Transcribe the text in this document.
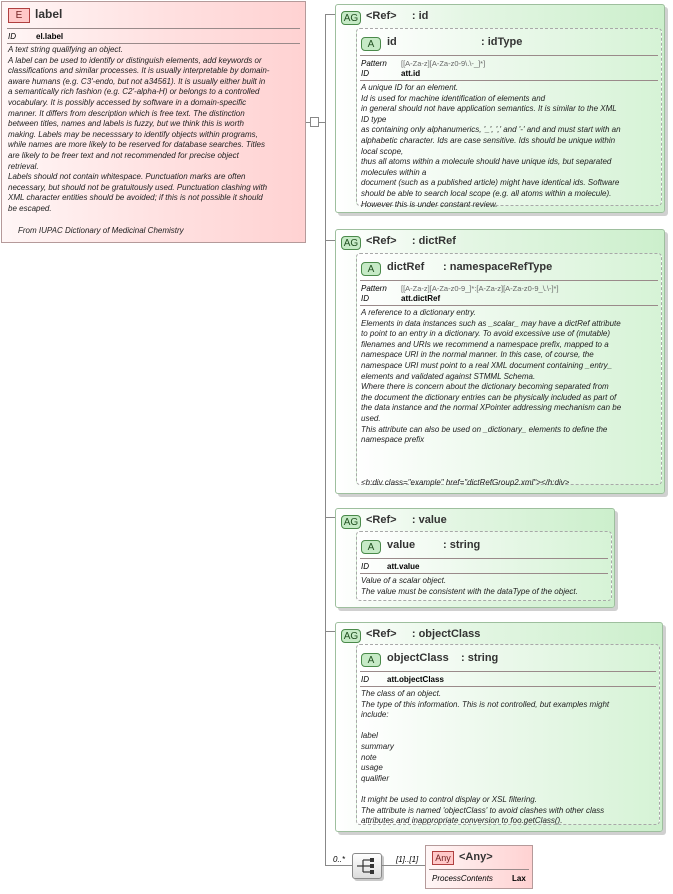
E	label
ID	el.label
A text string qualifying an object.
A label can be used to identify or distinguish elements, add keywords or
classifications and similar processes. It is usually interpretable by domain-
aware humans (e.g. C3'-endo, but not a34561). It is usually either built in
a semantically rich fashion (e.g. C2'-alpha-H) or belongs to a controlled
vocabulary. It is possibly accessed by software in a domain-specific
manner. It differs from description which is free text. The distinction
between titles, names and labels is fuzzy, but we think this is worth
making. Labels may be necesssary to identify objects within programs,
while names are more likely to be reserved for database searches. Titles
are likely to be freer text and not recommended for precise object
retrieval.
Labels should not contain whitespace. Punctuation marks are often
necessary, but should not be gratuitously used. Punctuation clashing with
XML character entities should be avoided; if this is not possible it should
be escaped.
From IUPAC Dictionary of Medicinal Chemistry
AG <Ref> : id
A	id	: idType
Pattern [[A-Za-z][A-Za-z0-9\.\-_]*]
ID	att.id
A unique ID for an element.
Id is used for machine identification of elements and
in general should not have application semantics. It is similar to the XML
ID type
as containing only alphanumerics, '_', ',' and '-' and and must start with an
alphabetic character. Ids are case sensitive. Ids should be unique within
local scope,
thus all atoms within a molecule should have unique ids, but separated
molecules within a
document (such as a published article) might have identical ids. Software
should be able to search local scope (e.g. all atoms within a molecule).
However this is under constant review.
AG <Ref> : dictRef
A	dictRef : namespaceRefType
Pattern [[A-Za-z][A-Za-z0-9_]*:[A-Za-z][A-Za-z0-9_\.\-]*]
ID	att.dictRef
A reference to a dictionary entry.
Elements in data instances such as _scalar_ may have a dictRef attribute
to point to an entry in a dictionary. To avoid excessive use of (mutable)
filenames and URIs we recommend a namespace prefix, mapped to a
namespace URI in the normal manner. In this case, of course, the
namespace URI must point to a real XML document containing _entry_
elements and validated against STMML Schema.
Where there is concern about the dictionary becoming separated from
the document the dictionary entries can be physically included as part of
the data instance and the normal XPointer addressing mechanism can be
used.
This attribute can also be used on _dictionary_ elements to define the
namespace prefix

<h:div class="example" href="dictRefGroup2.xml"></h:div>
AG <Ref> : value
A	value	: string
ID att.value
Value of a scalar object.
The value must be consistent with the dataType of the object.
AG <Ref> : objectClass
A	objectClass : string
ID att.objectClass
The class of an object.
The type of this information. This is not controlled, but examples might
include:

label
summary
note
usage
qualifier

It might be used to control display or XSL filtering.
The attribute is named 'objectClass' to avoid clashes with other class
attributes and inappropriate conversion to foo.getClass().
0..*	[1]..[1]	Any <Any>
ProcessContents Lax
